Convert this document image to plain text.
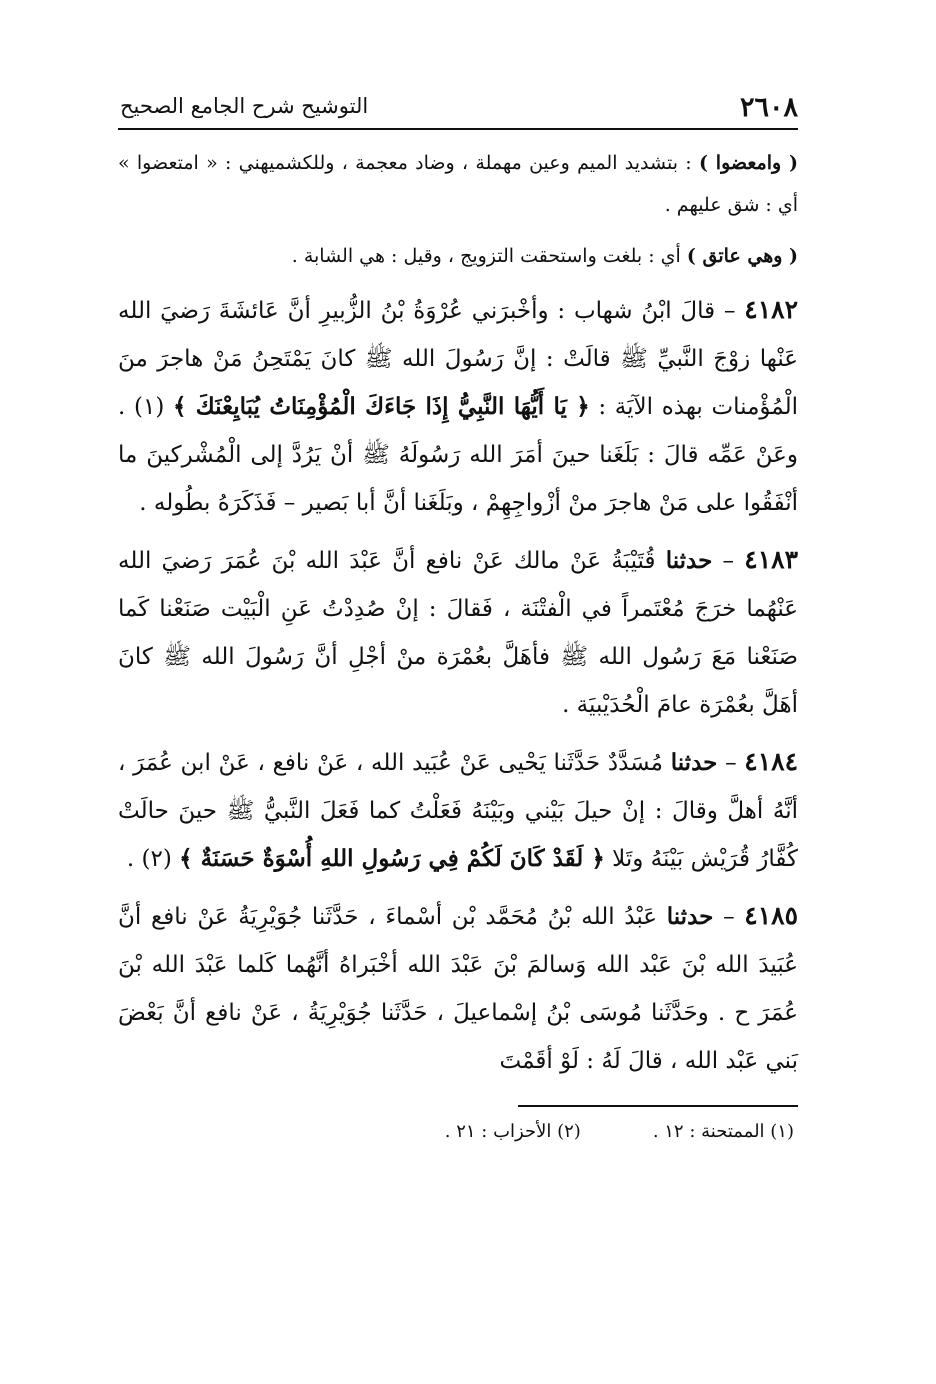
٢٦٠٨
التوشيح شرح الجامع الصحيح

( وامعضوا ) : بتشديد الميم وعين مهملة ، وضاد معجمة ، وللكشميهني : « امتعضوا » أي : شق عليهم .

( وهي عاتق ) أي : بلغت واستحقت التزويج ، وقيل : هي الشابة .

٤١٨٢ – قالَ ابْنُ شهاب : وأخْبرَني عُرْوَةُ بْنُ الزُّبيرِ أنَّ عَائشَةَ رَضيَ الله عَنْها زوْجَ النَّبيِّ ﷺ قالَتْ : إنَّ رَسُولَ الله ﷺ كانَ يَمْتَحِنُ مَنْ هاجرَ منَ الْمُؤْمنات بهذه الآيَة : ﴿ يَا أَيُّهَا النَّبِيُّ إِذَا جَاءَكَ الْمُؤْمِنَاتُ يُبَايِعْنَكَ ﴾ (١) . وعَنْ عَمِّه قالَ : بَلَغَنا حينَ أمَرَ الله رَسُولَهُ ﷺ أنْ يَرُدَّ إلى الْمُشْركينَ ما أنْفَقُوا على مَنْ هاجرَ منْ أزْواجِهِمْ ، وبَلَغَنا أنَّ أبا بَصير – فَذَكَرَهُ بطُوله .

٤١٨٣ – حدثنا قُتَيْبَةُ عَنْ مالك عَنْ نافع أنَّ عَبْدَ الله بْنَ عُمَرَ رَضيَ الله عَنْهُما خرَجَ مُعْتَمراً في الْفتْنَة ، فَقالَ : إنْ صُدِدْتُ عَنِ الْبَيْت صَنَعْنا كَما صَنَعْنا مَعَ رَسُول الله ﷺ فأهَلَّ بعُمْرَة منْ أجْلِ أنَّ رَسُولَ الله ﷺ كانَ أهَلَّ بعُمْرَة عامَ الْحُدَيْبيَة .

٤١٨٤ – حدثنا مُسَدَّدٌ حَدَّثَنا يَحْيى عَنْ عُبَيد الله ، عَنْ نافع ، عَنْ ابن عُمَرَ ، أنَّهُ أهلَّ وقالَ : إنْ حيلَ بَيْني وبَيْنَهُ فَعَلْتُ كما فَعَلَ النَّبيُّ ﷺ حينَ حالَتْ كُفَّارُ قُرَيْش بَيْنَهُ وتَلا ﴿ لَقَدْ كَانَ لَكُمْ فِي رَسُولِ اللهِ أُسْوَةٌ حَسَنَةٌ ﴾ (٢) .

٤١٨٥ – حدثنا عَبْدُ الله بْنُ مُحَمَّد بْن أسْماءَ ، حَدَّثَنا جُوَيْرِيَةُ عَنْ نافع أنَّ عُبَيدَ الله بْنَ عَبْد الله وَسالمَ بْنَ عَبْدَ الله أخْبَراهُ أنَّهُما كَلما عَبْدَ الله بْنَ عُمَرَ ح . وحَدَّثَنا مُوسَى بْنُ إسْماعيلَ ، حَدَّثَنا جُوَيْرِيَةُ ، عَنْ نافع أنَّ بَعْضَ بَني عَبْد الله ، قالَ لَهُ : لَوْ أقَمْتَ

(١) الممتحنة : ١٢ .
(٢) الأحزاب : ٢١ .
